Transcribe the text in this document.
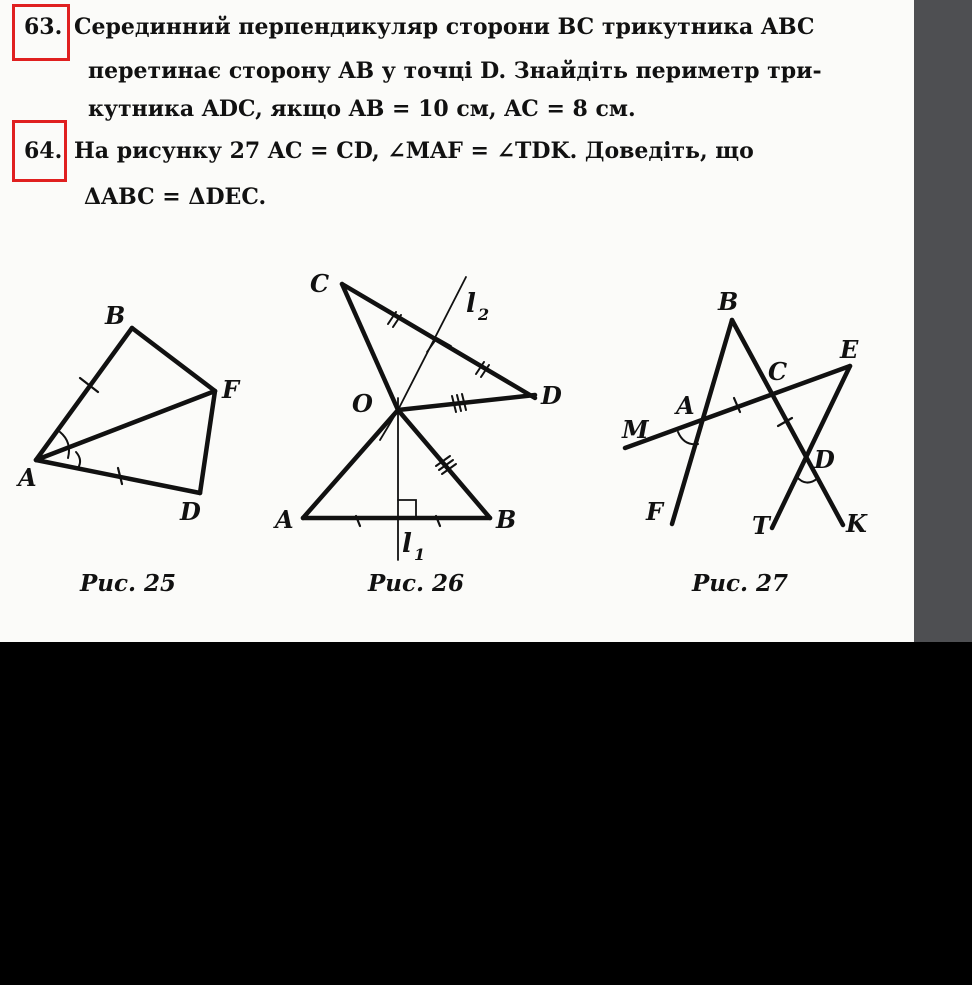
63. Серединний перпендикуляр сторони BC трикутника ABC
перетинає сторону AB у точці D. Знайдіть периметр три-
кутника ADC, якщо AB = 10 см, AC = 8 см.
64. На рисунку 27 AC = CD, ∠MAF = ∠TDK. Доведіть, що
ΔABC = ΔDEC.
B
F
A
D
C
D
O
A	B
l 2
l 1
B
E
C
A
M
D
F	T	K
Рис. 25	Рис. 26	Рис. 27
